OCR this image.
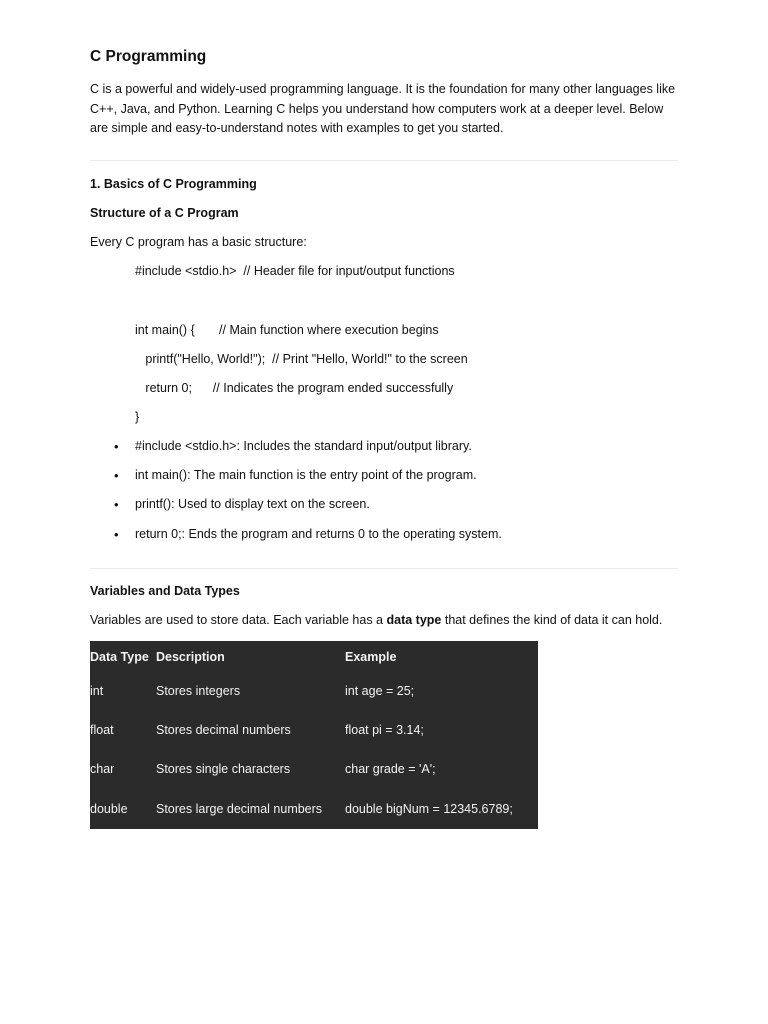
C Programming

C is a powerful and widely-used programming language. It is the foundation for many other languages like C++, Java, and Python. Learning C helps you understand how computers work at a deeper level. Below are simple and easy-to-understand notes with examples to get you started.

1. Basics of C Programming
Structure of a C Program
Every C program has a basic structure:
#include <stdio.h>  // Header file for input/output functions
int main() {       // Main function where execution begins
printf("Hello, World!");  // Print "Hello, World!" to the screen
return 0;      // Indicates the program ended successfully
}
• #include <stdio.h>: Includes the standard input/output library.
• int main(): The main function is the entry point of the program.
• printf(): Used to display text on the screen.
• return 0;: Ends the program and returns 0 to the operating system.
Variables and Data Types
Variables are used to store data. Each variable has a data type that defines the kind of data it can hold.
Data Type	Description	Example
int	Stores integers	int age = 25;
float	Stores decimal numbers	float pi = 3.14;
char	Stores single characters	char grade = 'A';
double	Stores large decimal numbers	double bigNum = 12345.6789;
